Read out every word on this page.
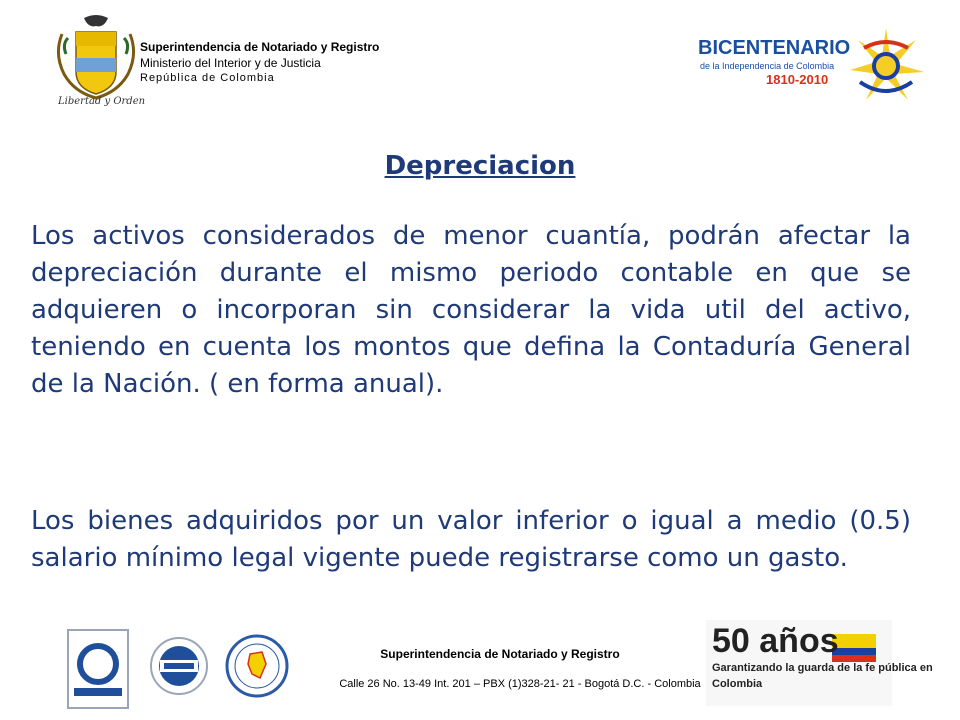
Libertad y Orden
Superintendencia de Notariado y Registro
Ministerio del Interior y de Justicia
República de Colombia
BICENTENARIO
de la Independencia de Colombia
1810-2010
Depreciacion
Los activos considerados de menor cuantía, podrán afectar la depreciación durante el mismo periodo contable en que se adquieren o incorporan sin considerar la vida util del activo, teniendo en cuenta los montos que defina la Contaduría General de la Nación. ( en forma anual).
Los bienes adquiridos por un valor inferior o igual a medio (0.5) salario mínimo legal vigente puede registrarse como un gasto.
Superintendencia de Notariado y Registro
Calle 26 No. 13-49 Int. 201 – PBX (1)328-21- 21 - Bogotá D.C. - Colombia
50 años
Garantizando la guarda de la fe pública en
Colombia
